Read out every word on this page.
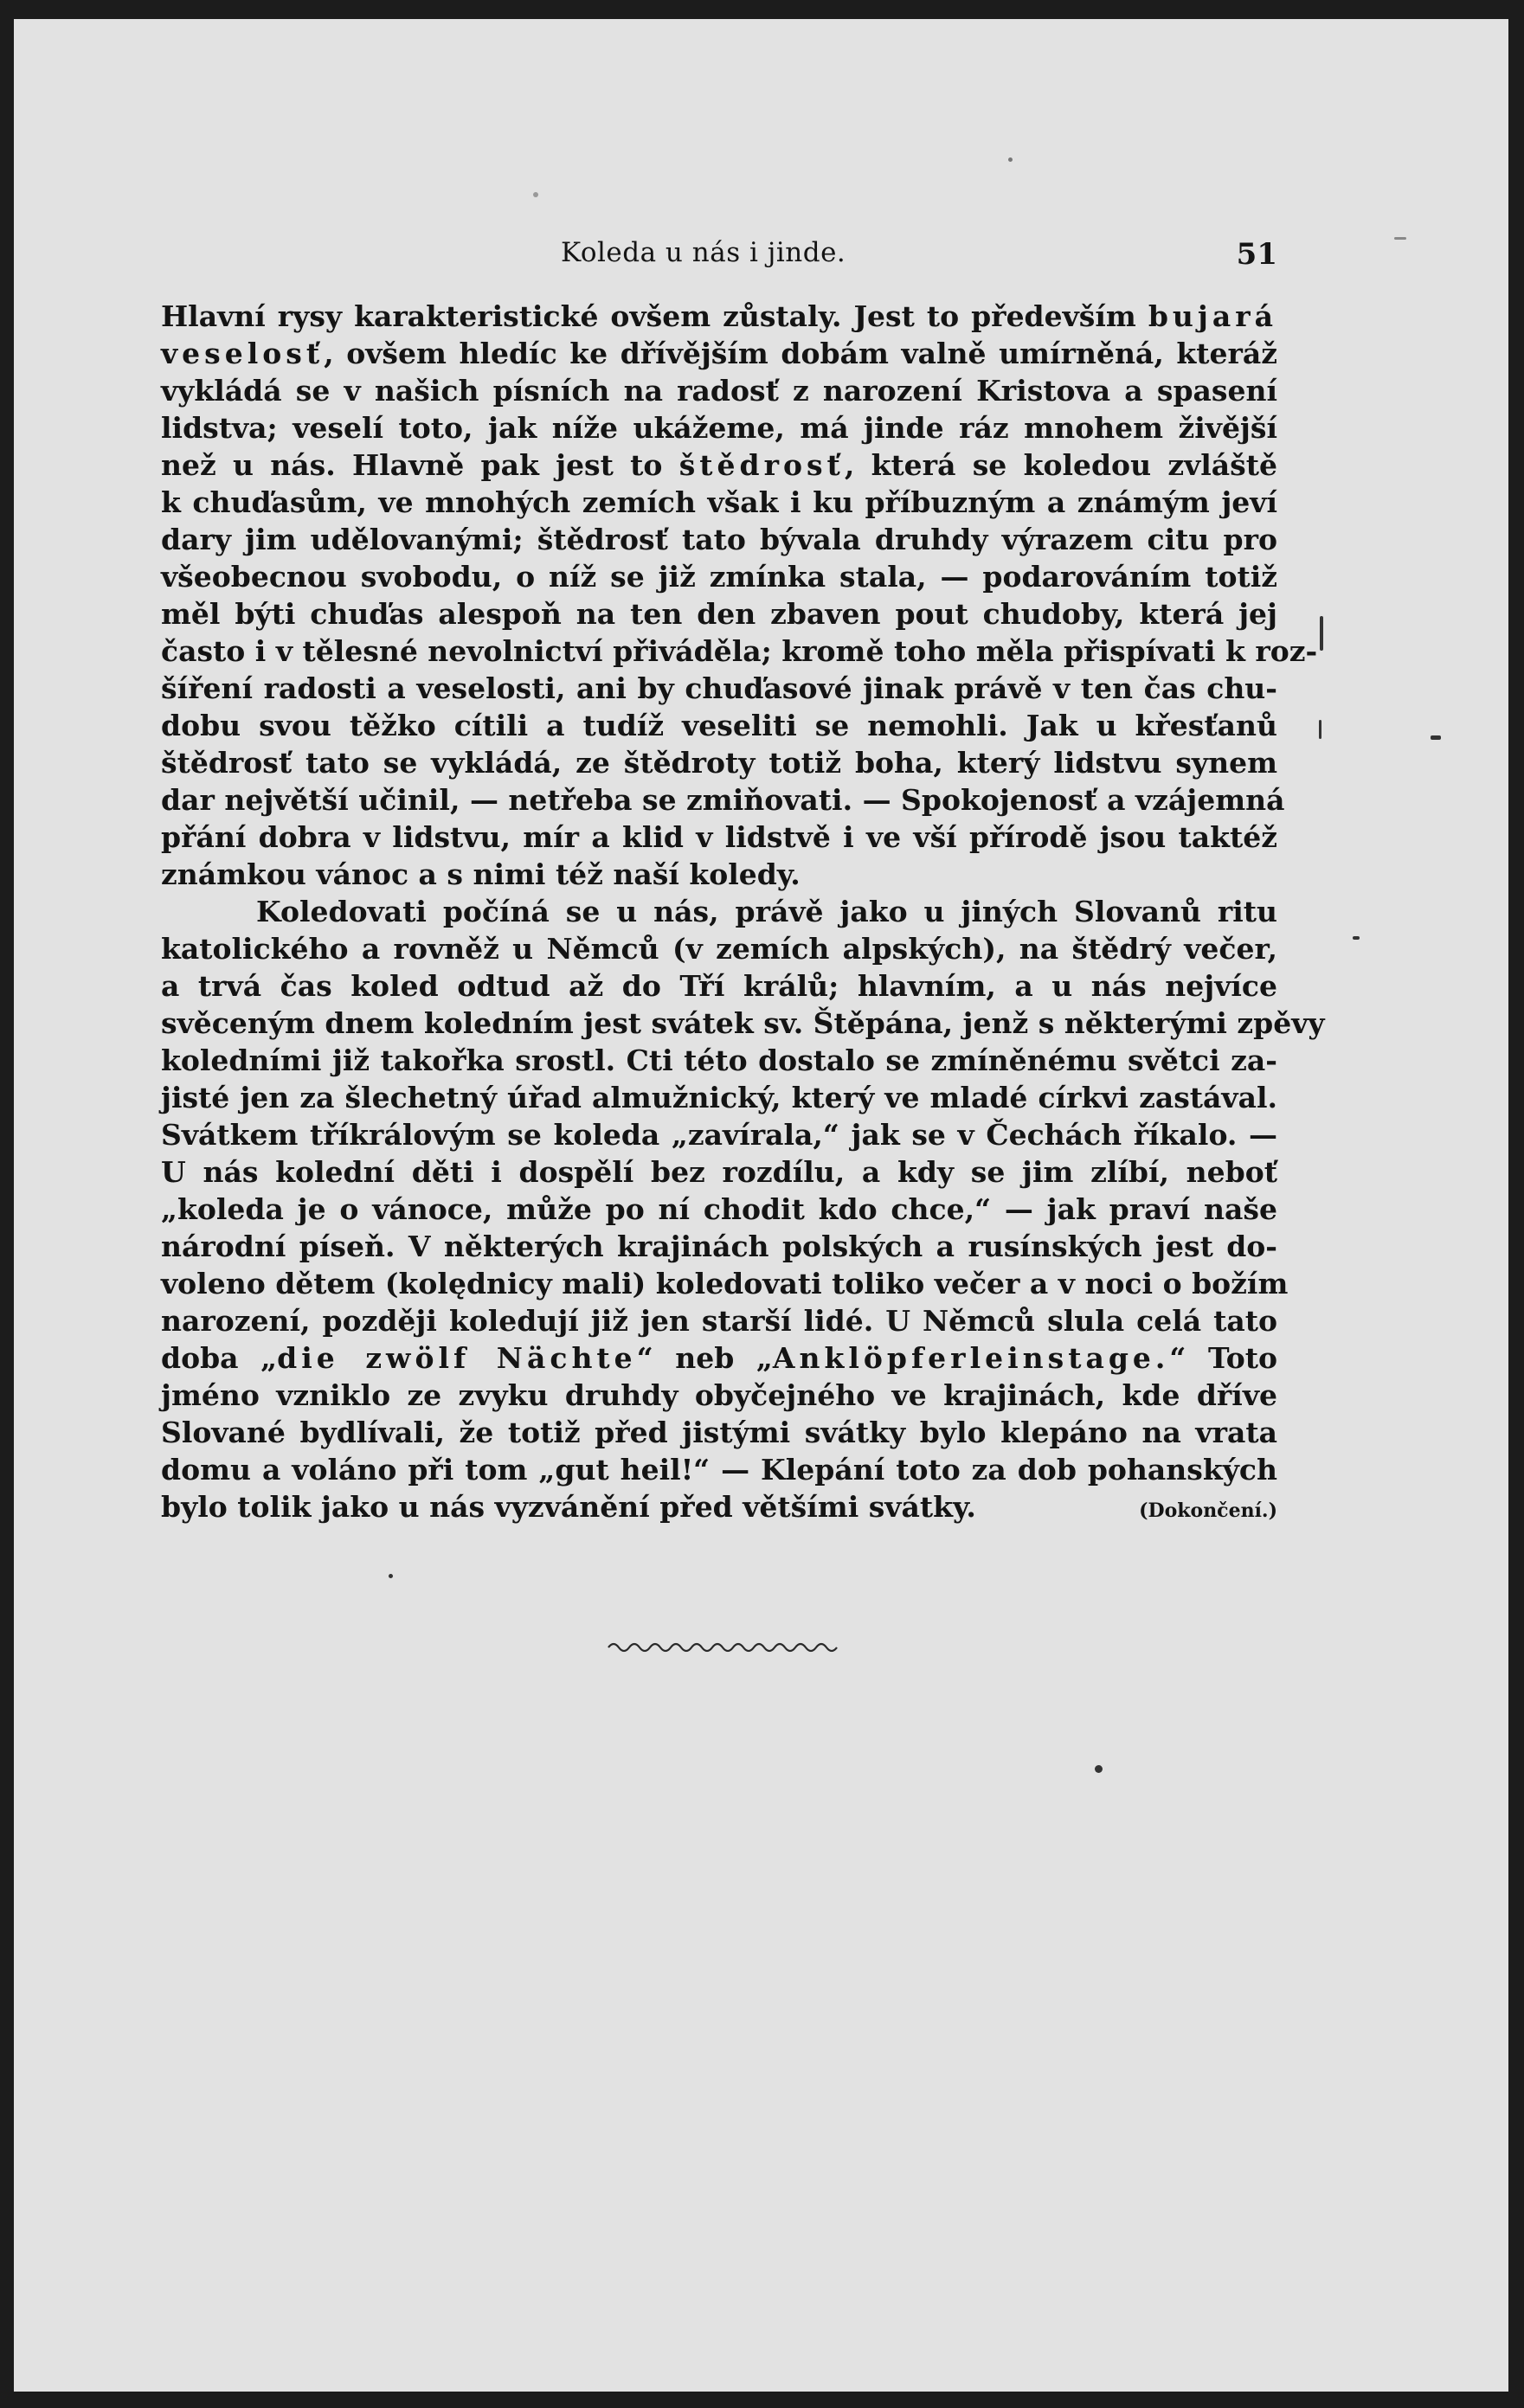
Koleda u nás i jinde.	51
Hlavní rysy karakteristické ovšem zůstaly. Jest to především bujará
veselosť, ovšem hledíc ke dřívějším dobám valně umírněná, kteráž
vykládá se v našich písních na radosť z narození Kristova a spasení
lidstva; veselí toto, jak níže ukážeme, má jinde ráz mnohem živější
než u nás. Hlavně pak jest to štědrosť, která se koledou zvláště
k chuďasům, ve mnohých zemích však i ku příbuzným a známým jeví
dary jim udělovanými; štědrosť tato bývala druhdy výrazem citu pro
všeobecnou svobodu, o níž se již zmínka stala, — podarováním totiž
měl býti chuďas alespoň na ten den zbaven pout chudoby, která jej
často i v tělesné nevolnictví přiváděla; kromě toho měla přispívati k roz-
šíření radosti a veselosti, ani by chuďasové jinak právě v ten čas chu-
dobu svou těžko cítili a tudíž veseliti se nemohli. Jak u křesťanů
štědrosť tato se vykládá, ze štědroty totiž boha, který lidstvu synem
dar největší učinil, — netřeba se zmiňovati. — Spokojenosť a vzájemná
přání dobra v lidstvu, mír a klid v lidstvě i ve vší přírodě jsou taktéž
známkou vánoc a s nimi též naší koledy.
Koledovati počíná se u nás, právě jako u jiných Slovanů ritu
katolického a rovněž u Němců (v zemích alpských), na štědrý večer,
a trvá čas koled odtud až do Tří králů; hlavním, a u nás nejvíce
svěceným dnem koledním jest svátek sv. Štěpána, jenž s některými zpěvy
koledními již takořka srostl. Cti této dostalo se zmíněnému světci za-
jisté jen za šlechetný úřad almužnický, který ve mladé církvi zastával.
Svátkem tříkrálovým se koleda „zavírala,“ jak se v Čechách říkalo. —
U nás kolední děti i dospělí bez rozdílu, a kdy se jim zlíbí, neboť
„koleda je o vánoce, může po ní chodit kdo chce,“ — jak praví naše
národní píseň. V některých krajinách polských a rusínských jest do-
voleno dětem (kolędnicy mali) koledovati toliko večer a v noci o božím
narození, později koledují již jen starší lidé. U Němců slula celá tato
doba „die zwölf Nächte“ neb „Anklöpferleinstage.“ Toto
jméno vzniklo ze zvyku druhdy obyčejného ve krajinách, kde dříve
Slované bydlívali, že totiž před jistými svátky bylo klepáno na vrata
domu a voláno při tom „gut heil!“ — Klepání toto za dob pohanských
bylo tolik jako u nás vyzvánění před většími svátky.	(Dokončení.)
